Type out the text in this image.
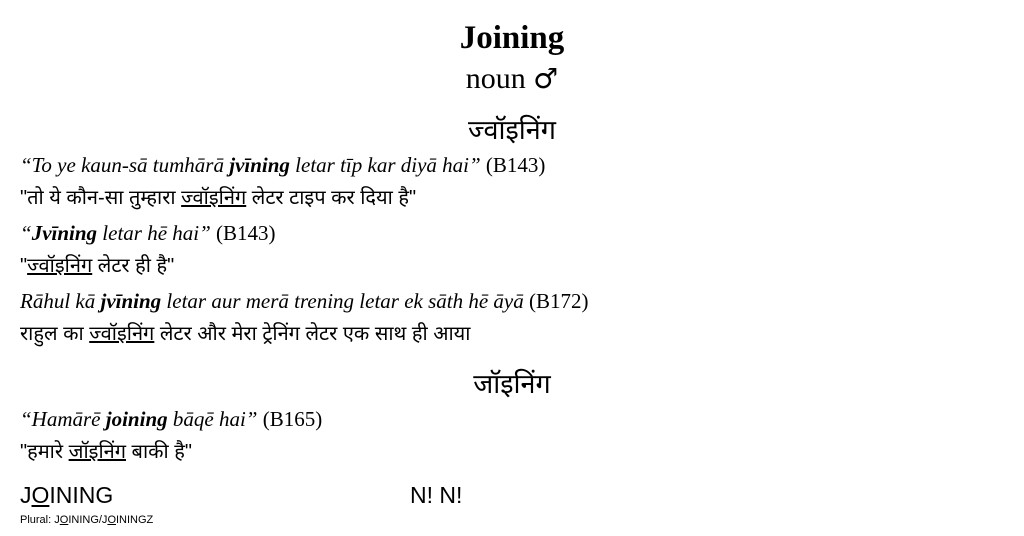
Joining
noun ♂
ज्वॉइनिंग
“To ye kaun-sā tumhārā jvīning letar tīp kar diyā hai” (B143)
"तो ये कौन-सा तुम्हारा ज्वॉइनिंग लेटर टाइप कर दिया है"
“Jvīning letar hē hai” (B143)
"ज्वॉइनिंग लेटर ही है"
Rāhul kā jvīning letar aur merā trening letar ek sāth hē āyā (B172)
राहुल का ज्वॉइनिंग लेटर और मेरा ट्रेनिंग लेटर एक साथ ही आया
जॉइनिंग
“Hamārē joining bāqē hai” (B165)
"हमारे जॉइनिंग बाकी है"
JOINING	N! N!
Plural: JOINING/JOININGZ
